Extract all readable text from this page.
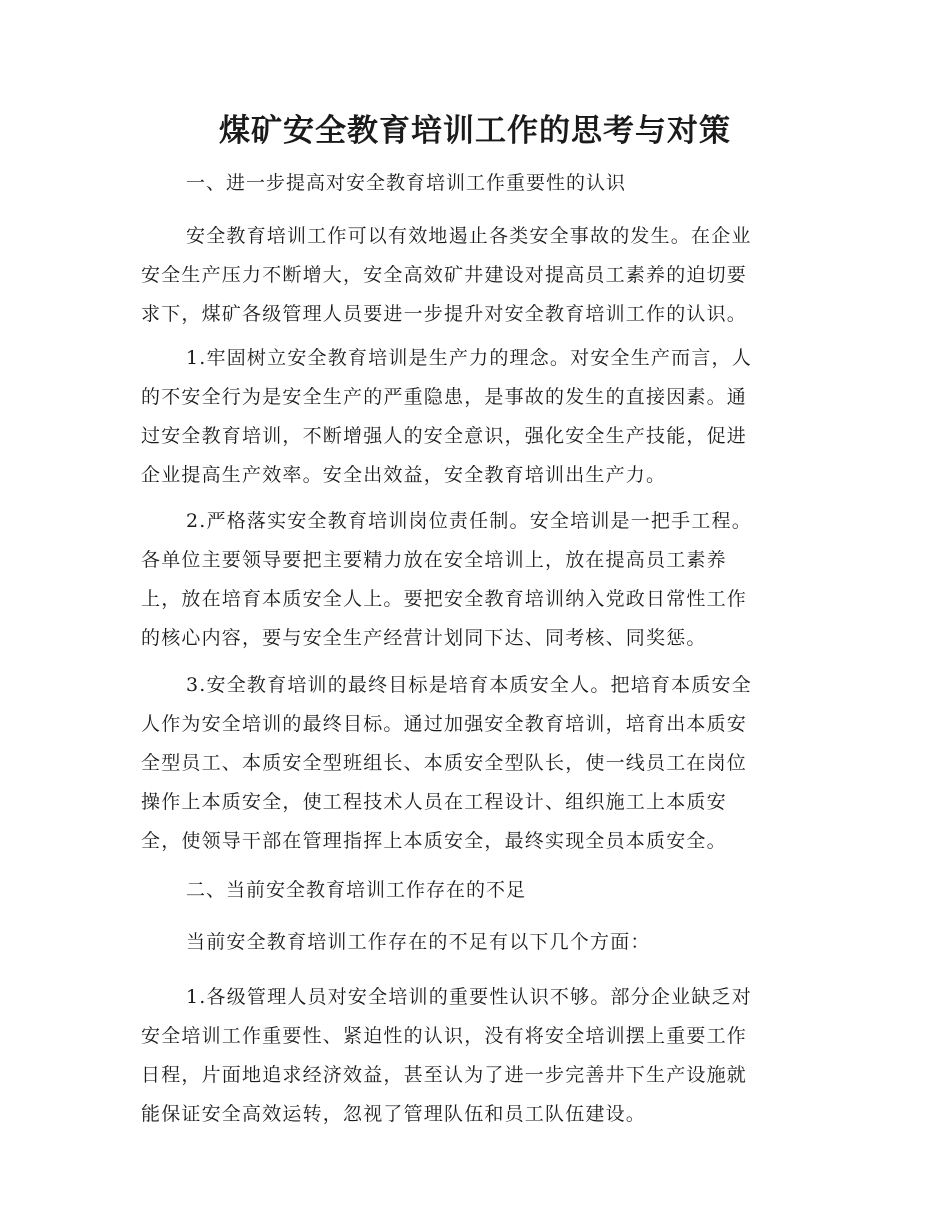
煤矿安全教育培训工作的思考与对策

一、进一步提高对安全教育培训工作重要性的认识

安全教育培训工作可以有效地遏止各类安全事故的发生。在企业
安全生产压力不断增大，安全高效矿井建设对提高员工素养的迫切要
求下，煤矿各级管理人员要进一步提升对安全教育培训工作的认识。

1.牢固树立安全教育培训是生产力的理念。对安全生产而言，人
的不安全行为是安全生产的严重隐患，是事故的发生的直接因素。通
过安全教育培训，不断增强人的安全意识，强化安全生产技能，促进
企业提高生产效率。安全出效益，安全教育培训出生产力。

2.严格落实安全教育培训岗位责任制。安全培训是一把手工程。
各单位主要领导要把主要精力放在安全培训上，放在提高员工素养
上，放在培育本质安全人上。要把安全教育培训纳入党政日常性工作
的核心内容，要与安全生产经营计划同下达、同考核、同奖惩。

3.安全教育培训的最终目标是培育本质安全人。把培育本质安全
人作为安全培训的最终目标。通过加强安全教育培训，培育出本质安
全型员工、本质安全型班组长、本质安全型队长，使一线员工在岗位
操作上本质安全，使工程技术人员在工程设计、组织施工上本质安
全，使领导干部在管理指挥上本质安全，最终实现全员本质安全。

二、当前安全教育培训工作存在的不足

当前安全教育培训工作存在的不足有以下几个方面：

1.各级管理人员对安全培训的重要性认识不够。部分企业缺乏对
安全培训工作重要性、紧迫性的认识，没有将安全培训摆上重要工作
日程，片面地追求经济效益，甚至认为了进一步完善井下生产设施就
能保证安全高效运转，忽视了管理队伍和员工队伍建设。
